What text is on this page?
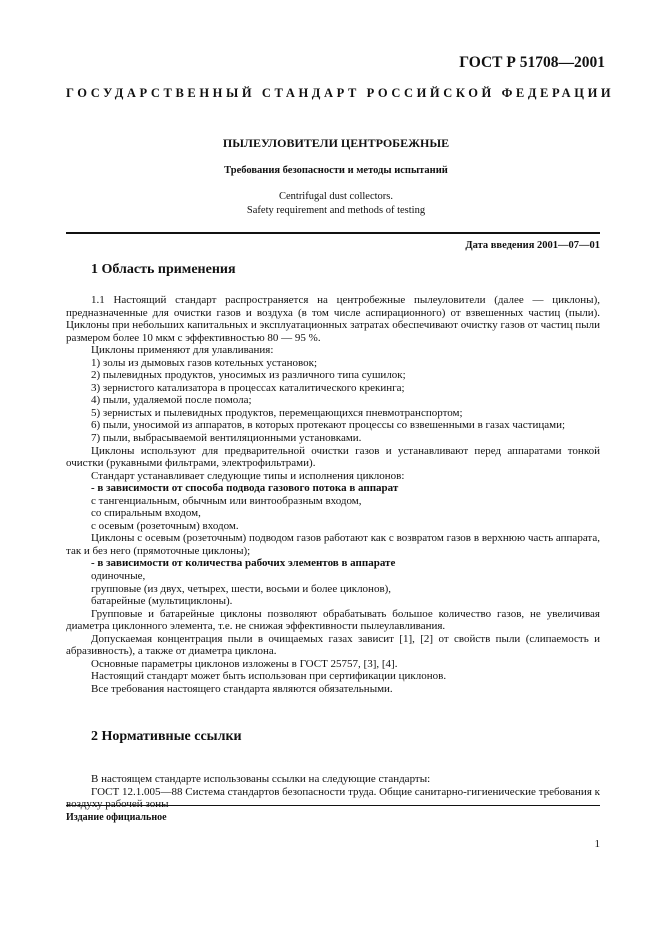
ГОСТ Р 51708—2001
ГОСУДАРСТВЕННЫЙ СТАНДАРТ РОССИЙСКОЙ ФЕДЕРАЦИИ
ПЫЛЕУЛОВИТЕЛИ ЦЕНТРОБЕЖНЫЕ
Требования безопасности и методы испытаний
Centrifugal dust collectors.
Safety requirement and methods of testing
Дата введения 2001—07—01
1 Область применения

1.1 Настоящий стандарт распространяется на центробежные пылеуловители (далее — циклоны), предназначенные для очистки газов и воздуха (в том числе аспирационного) от взвешенных частиц (пыли). Циклоны при небольших капитальных и эксплуатационных затратах обеспечивают очистку газов от частиц пыли размером более 10 мкм с эффективностью 80 — 95 %.

Циклоны применяют для улавливания:

1) золы из дымовых газов котельных установок;

2) пылевидных продуктов, уносимых из различного типа сушилок;

3) зернистого катализатора в процессах каталитического крекинга;

4) пыли, удаляемой после помола;

5) зернистых и пылевидных продуктов, перемещающихся пневмотранспортом;

6) пыли, уносимой из аппаратов, в которых протекают процессы со взвешенными в газах частицами;

7) пыли, выбрасываемой вентиляционными установками.

Циклоны используют для предварительной очистки газов и устанавливают перед аппаратами тонкой очистки (рукавными фильтрами, электрофильтрами).

Стандарт устанавливает следующие типы и исполнения циклонов:

- в зависимости от способа подвода газового потока в аппарат

с тангенциальным, обычным или винтообразным входом,

со спиральным входом,

с осевым (розеточным) входом.

Циклоны с осевым (розеточным) подводом газов работают как с возвратом газов в верхнюю часть аппарата, так и без него (прямоточные циклоны);

- в зависимости от количества рабочих элементов в аппарате

одиночные,

групповые (из двух, четырех, шести, восьми и более циклонов),

батарейные (мультициклоны).

Групповые и батарейные циклоны позволяют обрабатывать большое количество газов, не увеличивая диаметра циклонного элемента, т.е. не снижая эффективности пылеулавливания.

Допускаемая концентрация пыли в очищаемых газах зависит [1], [2] от свойств пыли (слипаемость и абразивность), а также от диаметра циклона.

Основные параметры циклонов изложены в ГОСТ 25757, [3], [4].

Настоящий стандарт может быть использован при сертификации циклонов.

Все требования настоящего стандарта являются обязательными.

2 Нормативные ссылки

В настоящем стандарте использованы ссылки на следующие стандарты:

ГОСТ 12.1.005—88 Система стандартов безопасности труда. Общие санитарно-гигиенические требования к

Издание официальное
1
